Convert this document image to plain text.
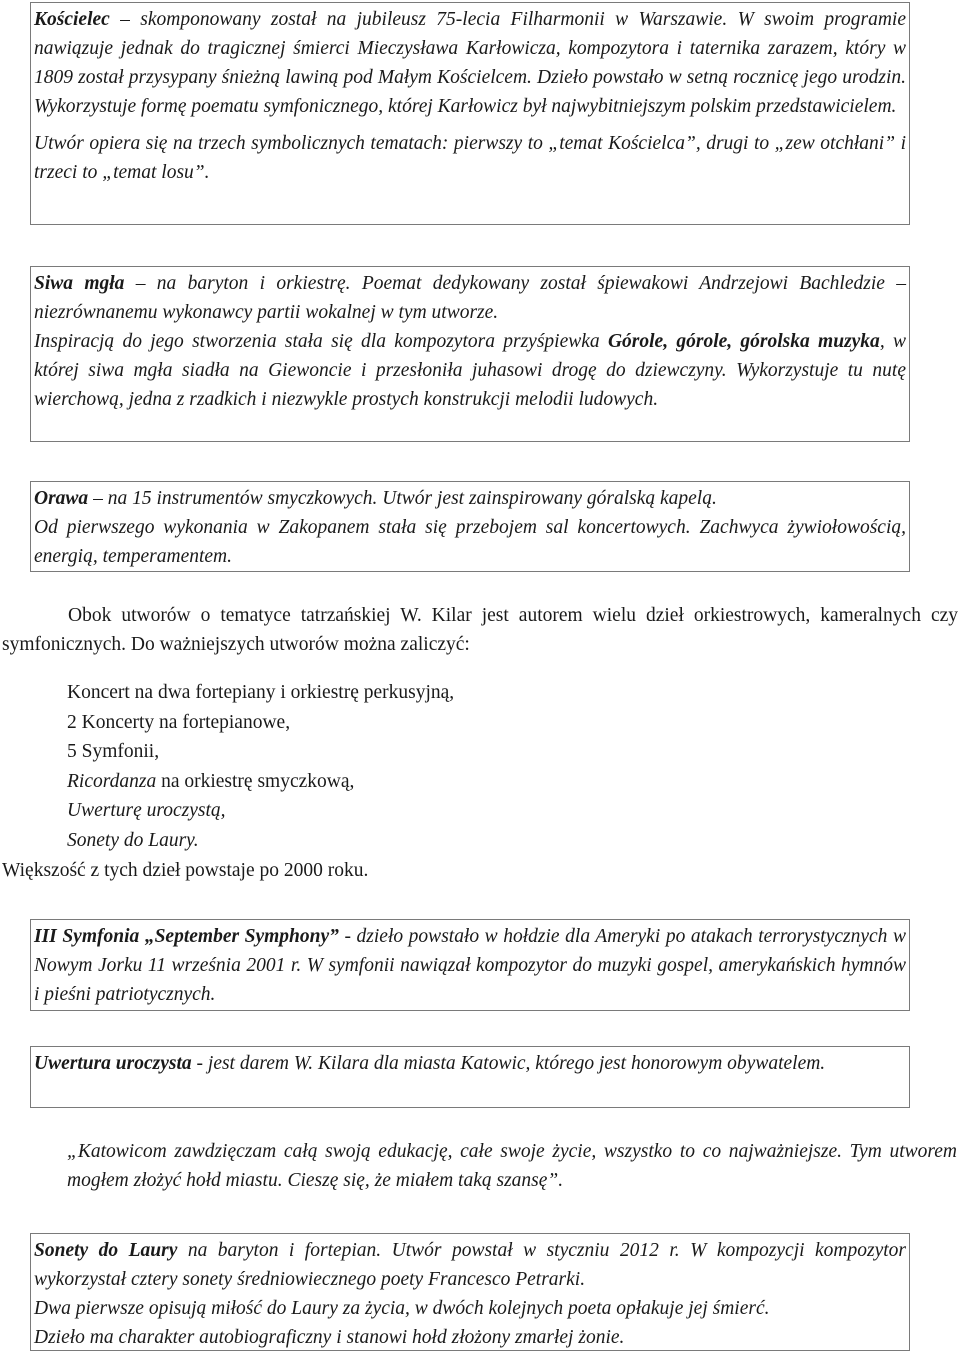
Kościelec – skomponowany został na jubileusz 75-lecia Filharmonii w Warszawie. W swoim programie nawiązuje jednak do tragicznej śmierci Mieczysława Karłowicza, kompozytora i taternika zarazem, który w 1809 został przysypany śnieżną lawiną pod Małym Kościelcem. Dzieło powstało w setną rocznicę jego urodzin. Wykorzystuje formę poematu symfonicznego, której Karłowicz był najwybitniejszym polskim przedstawicielem.

Utwór opiera się na trzech symbolicznych tematach: pierwszy to „temat Kościelca”, drugi to „zew otchłani” i trzeci to „temat losu”.

Siwa mgła – na baryton i orkiestrę. Poemat dedykowany został śpiewakowi Andrzejowi Bachledzie – niezrównanemu wykonawcy partii wokalnej w tym utworze.

Inspiracją do jego stworzenia stała się dla kompozytora przyśpiewka Górole, górole, górolska muzyka, w której siwa mgła siadła na Giewoncie i przesłoniła juhasowi drogę do dziewczyny. Wykorzystuje tu nutę wierchową, jedna z rzadkich i niezwykle prostych konstrukcji melodii ludowych.

Orawa – na 15 instrumentów smyczkowych. Utwór jest zainspirowany góralską kapelą.

Od pierwszego wykonania w Zakopanem stała się przebojem sal koncertowych. Zachwyca żywiołowością, energią, temperamentem.

Obok utworów o tematyce tatrzańskiej W. Kilar jest autorem wielu dzieł orkiestrowych, kameralnych czy symfonicznych. Do ważniejszych utworów można zaliczyć:

Koncert na dwa fortepiany i orkiestrę perkusyjną,
2 Koncerty na fortepianowe,
5 Symfonii,
Ricordanza na orkiestrę smyczkową,
Uwerturę uroczystą,
Sonety do Laury.

Większość z tych dzieł powstaje po 2000 roku.

III Symfonia „September Symphony” - dzieło powstało w hołdzie dla Ameryki po atakach terrorystycznych w Nowym Jorku 11 września 2001 r. W symfonii nawiązał kompozytor do muzyki gospel, amerykańskich hymnów i pieśni patriotycznych.

Uwertura uroczysta - jest darem W. Kilara dla miasta Katowic, którego jest honorowym obywatelem.

„Katowicom zawdzięczam całą swoją edukację, całe swoje życie, wszystko to co najważniejsze. Tym utworem mogłem złożyć hołd miastu. Cieszę się, że miałem taką szansę”.

Sonety do Laury na baryton i fortepian. Utwór powstał w styczniu 2012 r. W kompozycji kompozytor wykorzystał cztery sonety średniowiecznego poety Francesco Petrarki.

Dwa pierwsze opisują miłość do Laury za życia, w dwóch kolejnych poeta opłakuje jej śmierć.

Dzieło ma charakter autobiograficzny i stanowi hołd złożony zmarłej żonie.
